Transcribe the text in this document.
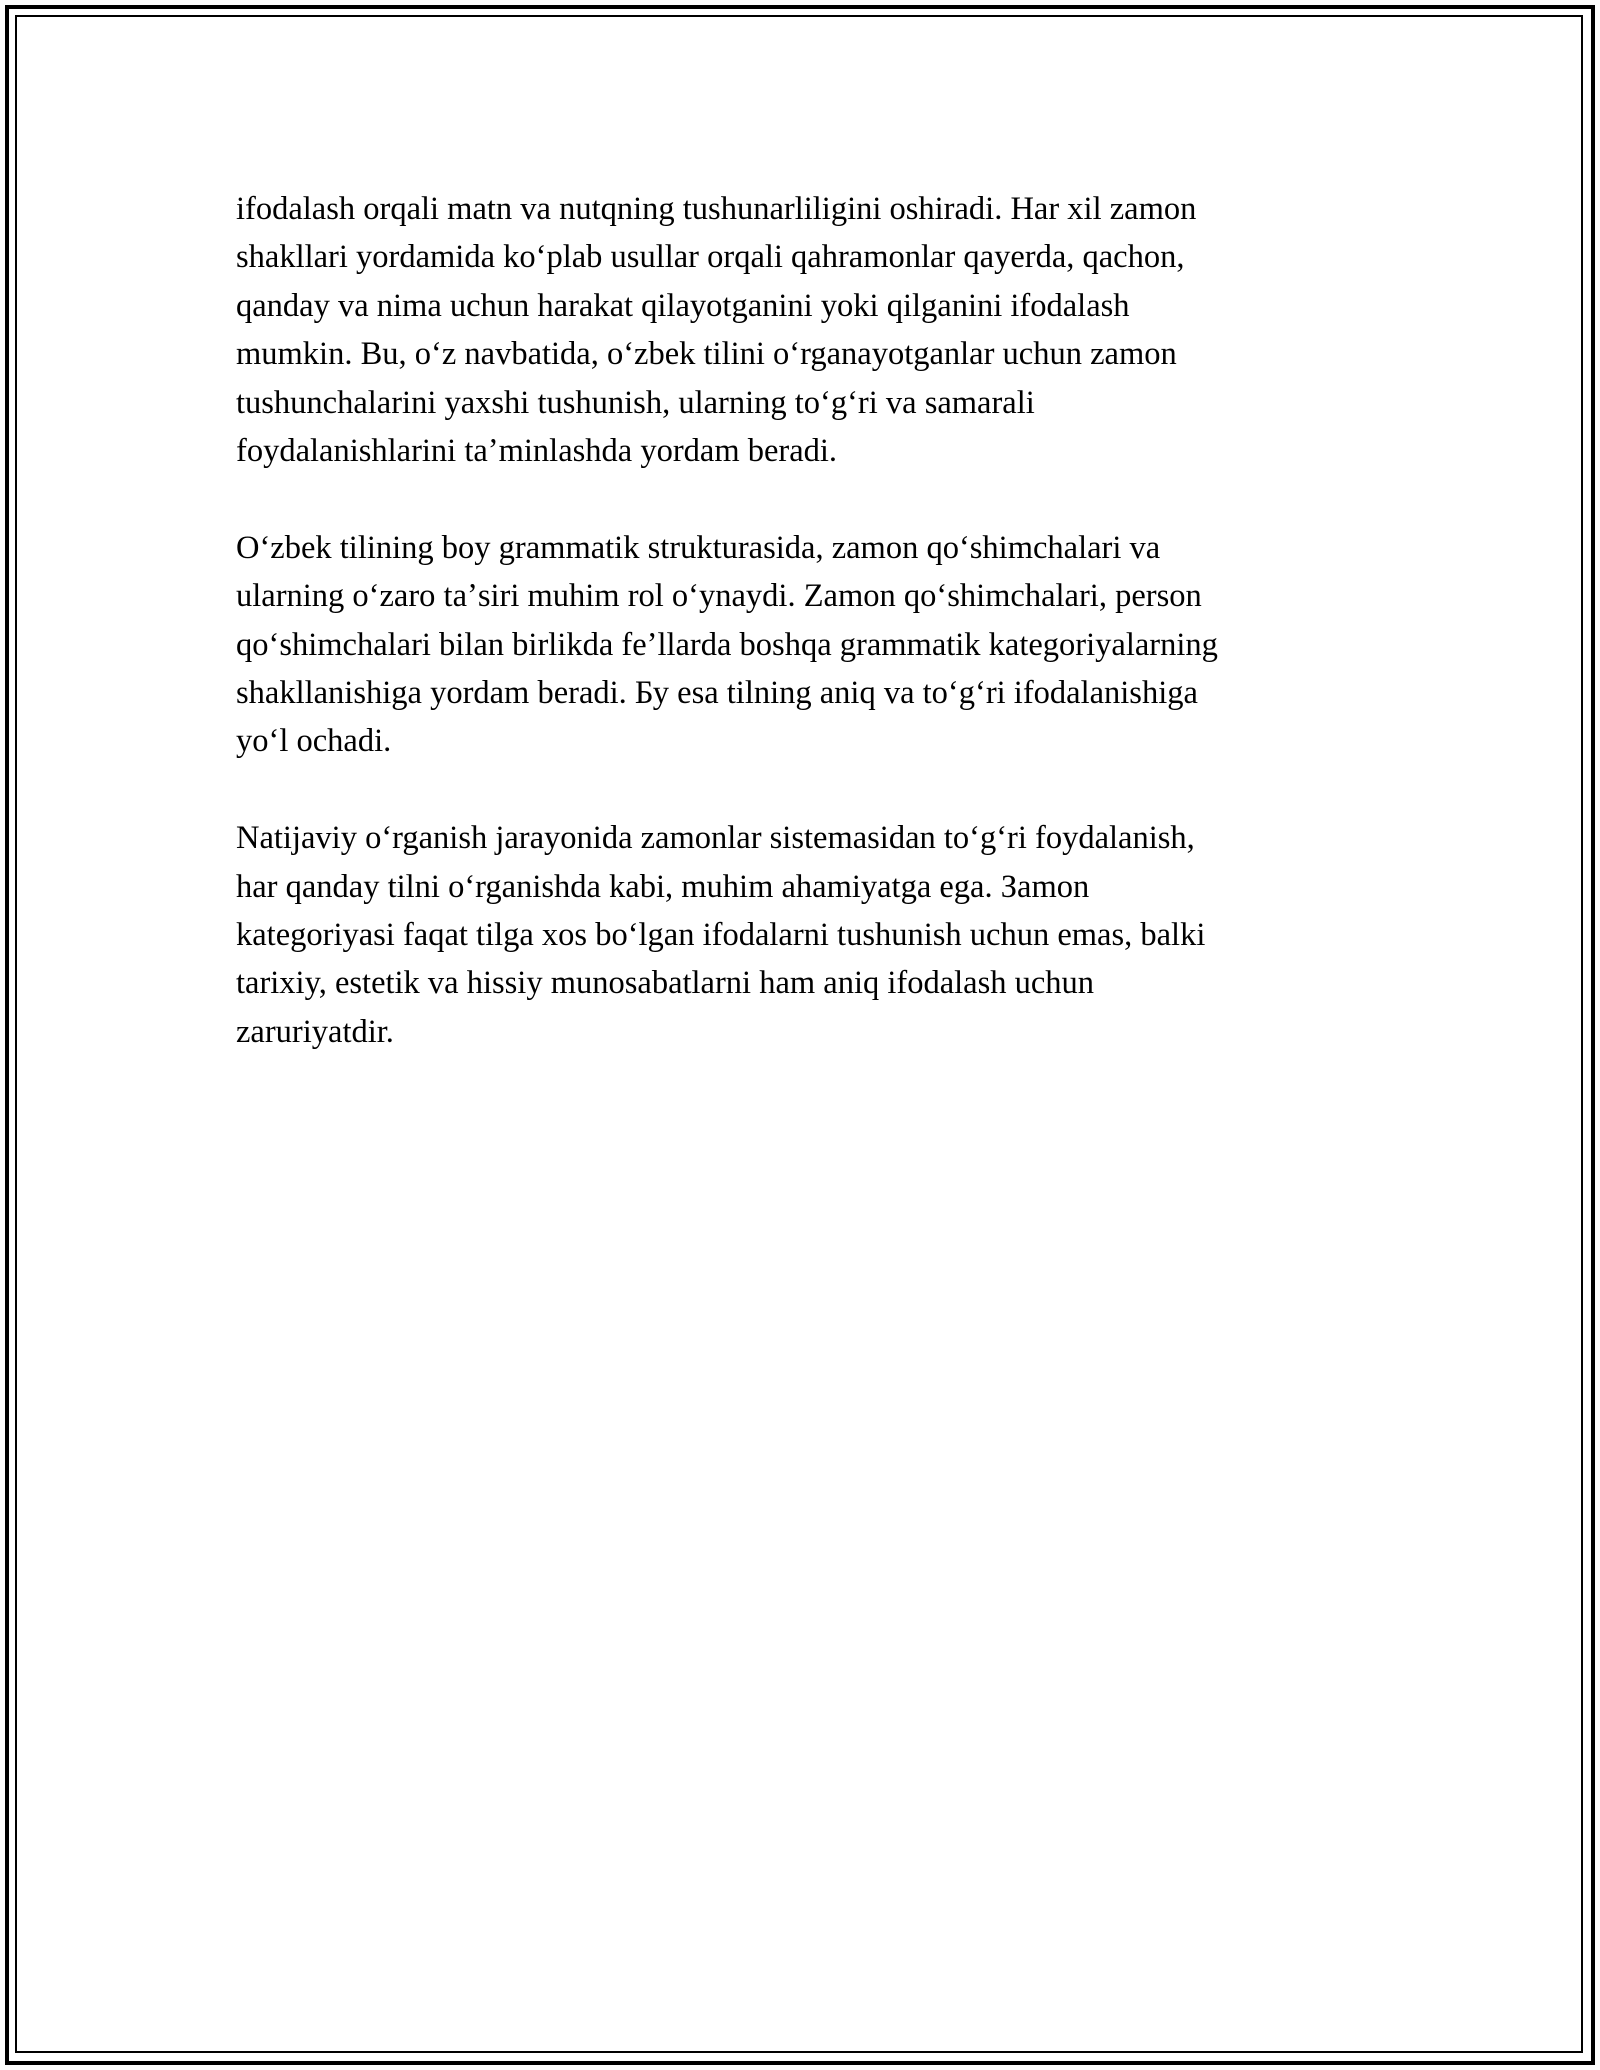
ifodalash orqali matn va nutqning tushunarliligini oshiradi. Har xil zamon
shakllari yordamida koʻplab usullar orqali qahramonlar qayerda, qachon,
qanday va nima uchun harakat qilayotganini yoki qilganini ifodalash
mumkin. Bu, oʻz navbatida, oʻzbek tilini oʻrganayotganlar uchun zamon
tushunchalarini yaxshi tushunish, ularning toʻgʻri va samarali
foydalanishlarini taʼminlashda yordam beradi.

Oʻzbek tilining boy grammatik strukturasida, zamon qoʻshimchalari va
ularning oʻzaro taʼsiri muhim rol oʻynaydi. Zamon qoʻshimchalari, person
qoʻshimchalari bilan birlikda feʼllarda boshqa grammatik kategoriyalarning
shakllanishiga yordam beradi. Бу esa tilning aniq va toʻgʻri ifodalanishiga
yoʻl ochadi.

Natijaviy oʻrganish jarayonida zamonlar sistemasidan toʻgʻri foydalanish,
har qanday tilni oʻrganishda kabi, muhim ahamiyatga ega. Зamon
kategoriyasi faqat tilga xos boʻlgan ifodalarni tushunish uchun emas, balki
tarixiy, estetik va hissiy munosabatlarni ham aniq ifodalash uchun
zaruriyatdir.
